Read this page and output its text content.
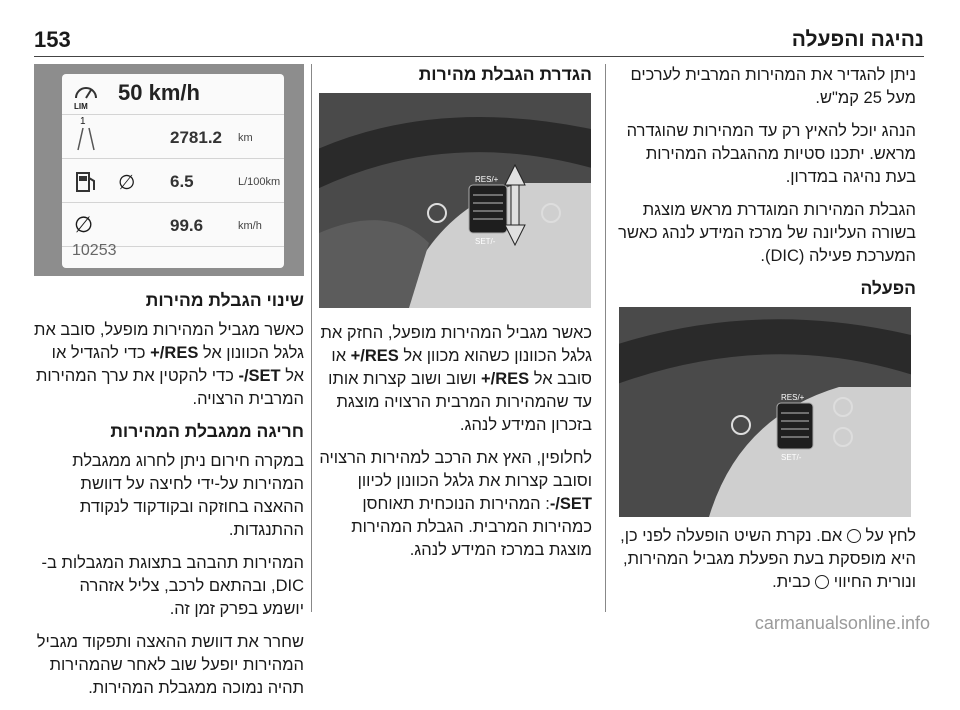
153	נהיגה והפעלה
LIM
50 km/h
1
2781.2 km
∅ 6.5	L/100km
∅	99.6	km/h
10253
שינוי הגבלת מהירות

כאשר מגביל המהירות מופעל, סובב את גלגל הכוונון אל RES/+ כדי להגדיל או אל SET/- כדי להקטין את ערך המהירות המרבית הרצויה.

חריגה ממגבלת המהירות

במקרה חירום ניתן לחרוג ממגבלת המהירות על-ידי לחיצה על דוושת ההאצה בחוזקה ובקודקוד לנקודת ההתנגדות.

המהירות תהבהב בתצוגת המגבלות ב-DIC, ובהתאם לרכב, צליל אזהרה יושמע בפרק זמן זה.

שחרר את דוושת ההאצה ותפקוד מגביל המהירות יופעל שוב לאחר שהמהירות תהיה נמוכה ממגבלת המהירות.

הגדרת הגבלת מהירות
RES/+
SET/-

כאשר מגביל המהירות מופעל, החזק את גלגל הכוונון כשהוא מכוון אל RES/+ או סובב אל RES/+ ושוב ושוב קצרות אותו עד שהמהירות המרבית הרצויה מוצגת בזכרון המידע לנהג.

לחלופין, האץ את הרכב למהירות הרצויה וסובב קצרות את גלגל הכוונון לכיוון SET/-: המהירות הנוכחית תאוחסן כמהירות המרבית. הגבלת המהירות מוצגת במרכז המידע לנהג.

ניתן להגדיר את המהירות המרבית לערכים מעל 25 קמ"ש.

הנהג יוכל להאיץ רק עד המהירות שהוגדרה מראש. יתכנו סטיות מההגבלה המהירות בעת נהיגה במדרון.

הגבלת המהירות המוגדרת מראש מוצגת בשורה העליונה של מרכז המידע לנהג כאשר המערכת פעילה (DIC).

הפעלה
RES/+
SET/-

לחץ על  אם. נקרת השיט הופעלה לפני כן, היא מופסקת בעת הפעלת מגביל המהירות, ונורית החיווי  כבית.

carmanualsonline.info
